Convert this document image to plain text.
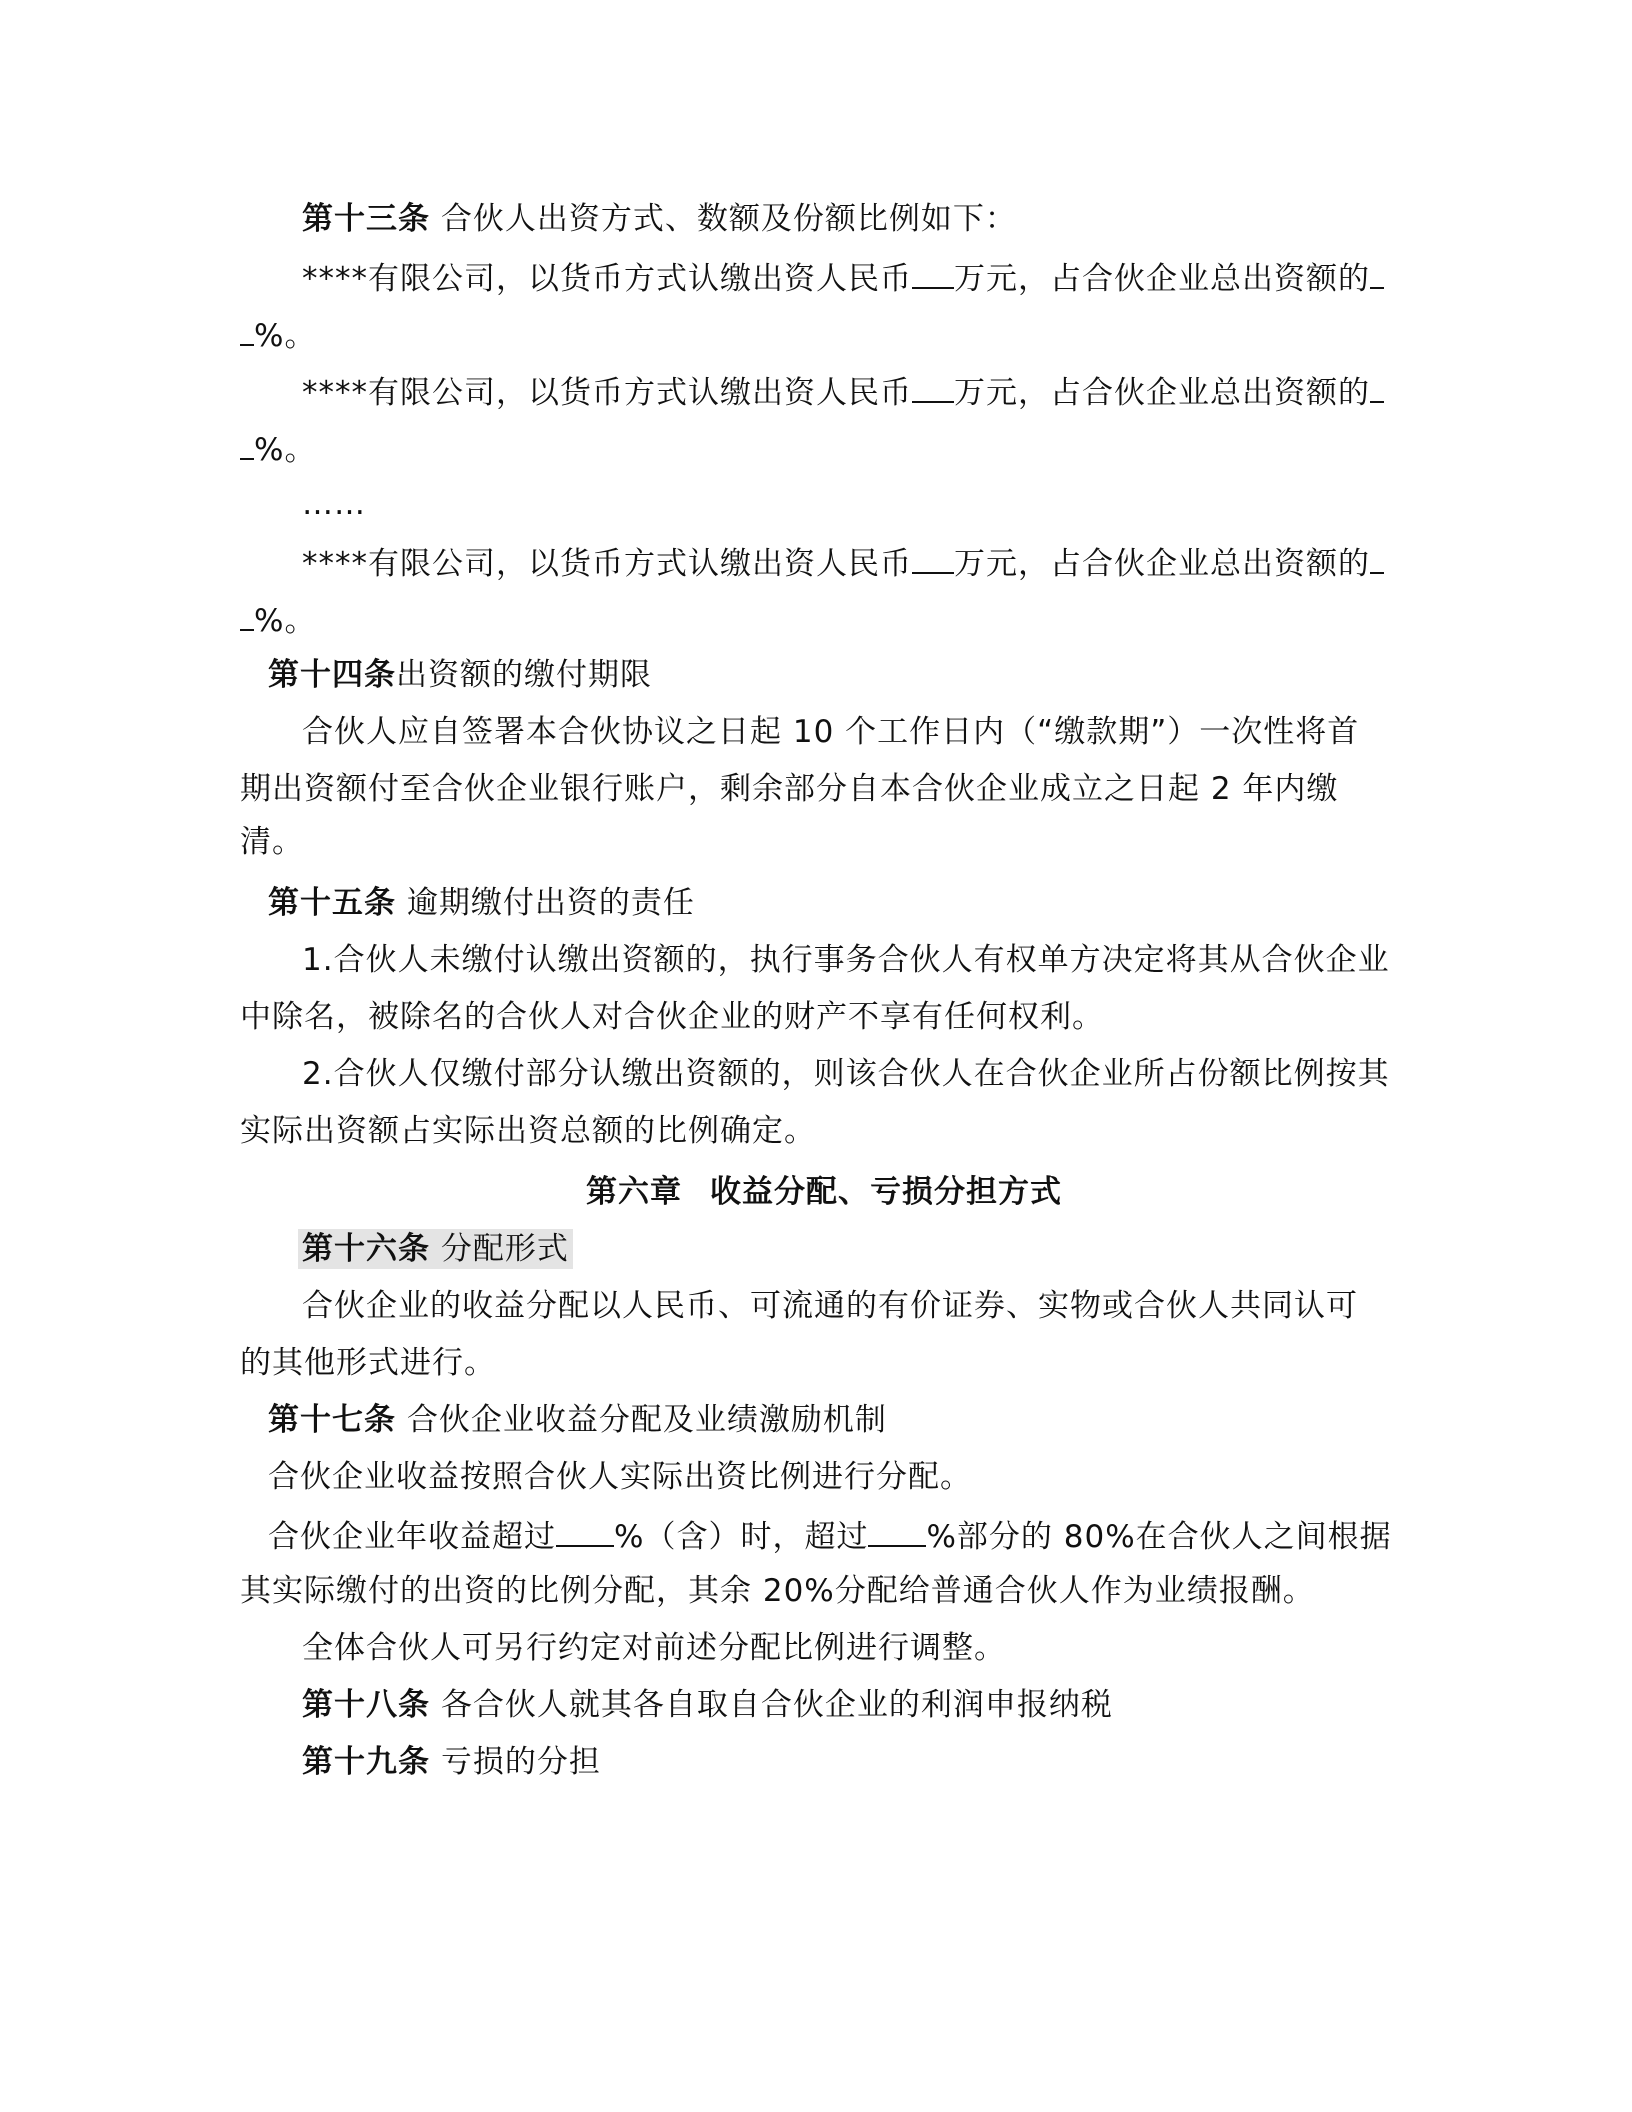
第十三条 合伙人出资方式、数额及份额比例如下：
****有限公司，以货币方式认缴出资人民币 万元，占合伙企业总出资额的
%。
****有限公司，以货币方式认缴出资人民币 万元，占合伙企业总出资额的
%。
……
****有限公司，以货币方式认缴出资人民币 万元，占合伙企业总出资额的
%。
第十四条出资额的缴付期限
合伙人应自签署本合伙协议之日起 10 个工作日内（“缴款期”）一次性将首
期出资额付至合伙企业银行账户，剩余部分自本合伙企业成立之日起 2 年内缴
清。
第十五条 逾期缴付出资的责任
1.合伙人未缴付认缴出资额的，执行事务合伙人有权单方决定将其从合伙企业
中除名，被除名的合伙人对合伙企业的财产不享有任何权利。
2.合伙人仅缴付部分认缴出资额的，则该合伙人在合伙企业所占份额比例按其
实际出资额占实际出资总额的比例确定。
第六章 收益分配、亏损分担方式
第十六条 分配形式
合伙企业的收益分配以人民币、可流通的有价证券、实物或合伙人共同认可
的其他形式进行。
第十七条 合伙企业收益分配及业绩激励机制
合伙企业收益按照合伙人实际出资比例进行分配。
合伙企业年收益超过 %（含）时，超过 %部分的 80%在合伙人之间根据
其实际缴付的出资的比例分配，其余 20%分配给普通合伙人作为业绩报酬。
全体合伙人可另行约定对前述分配比例进行调整。
第十八条 各合伙人就其各自取自合伙企业的利润申报纳税
第十九条 亏损的分担
